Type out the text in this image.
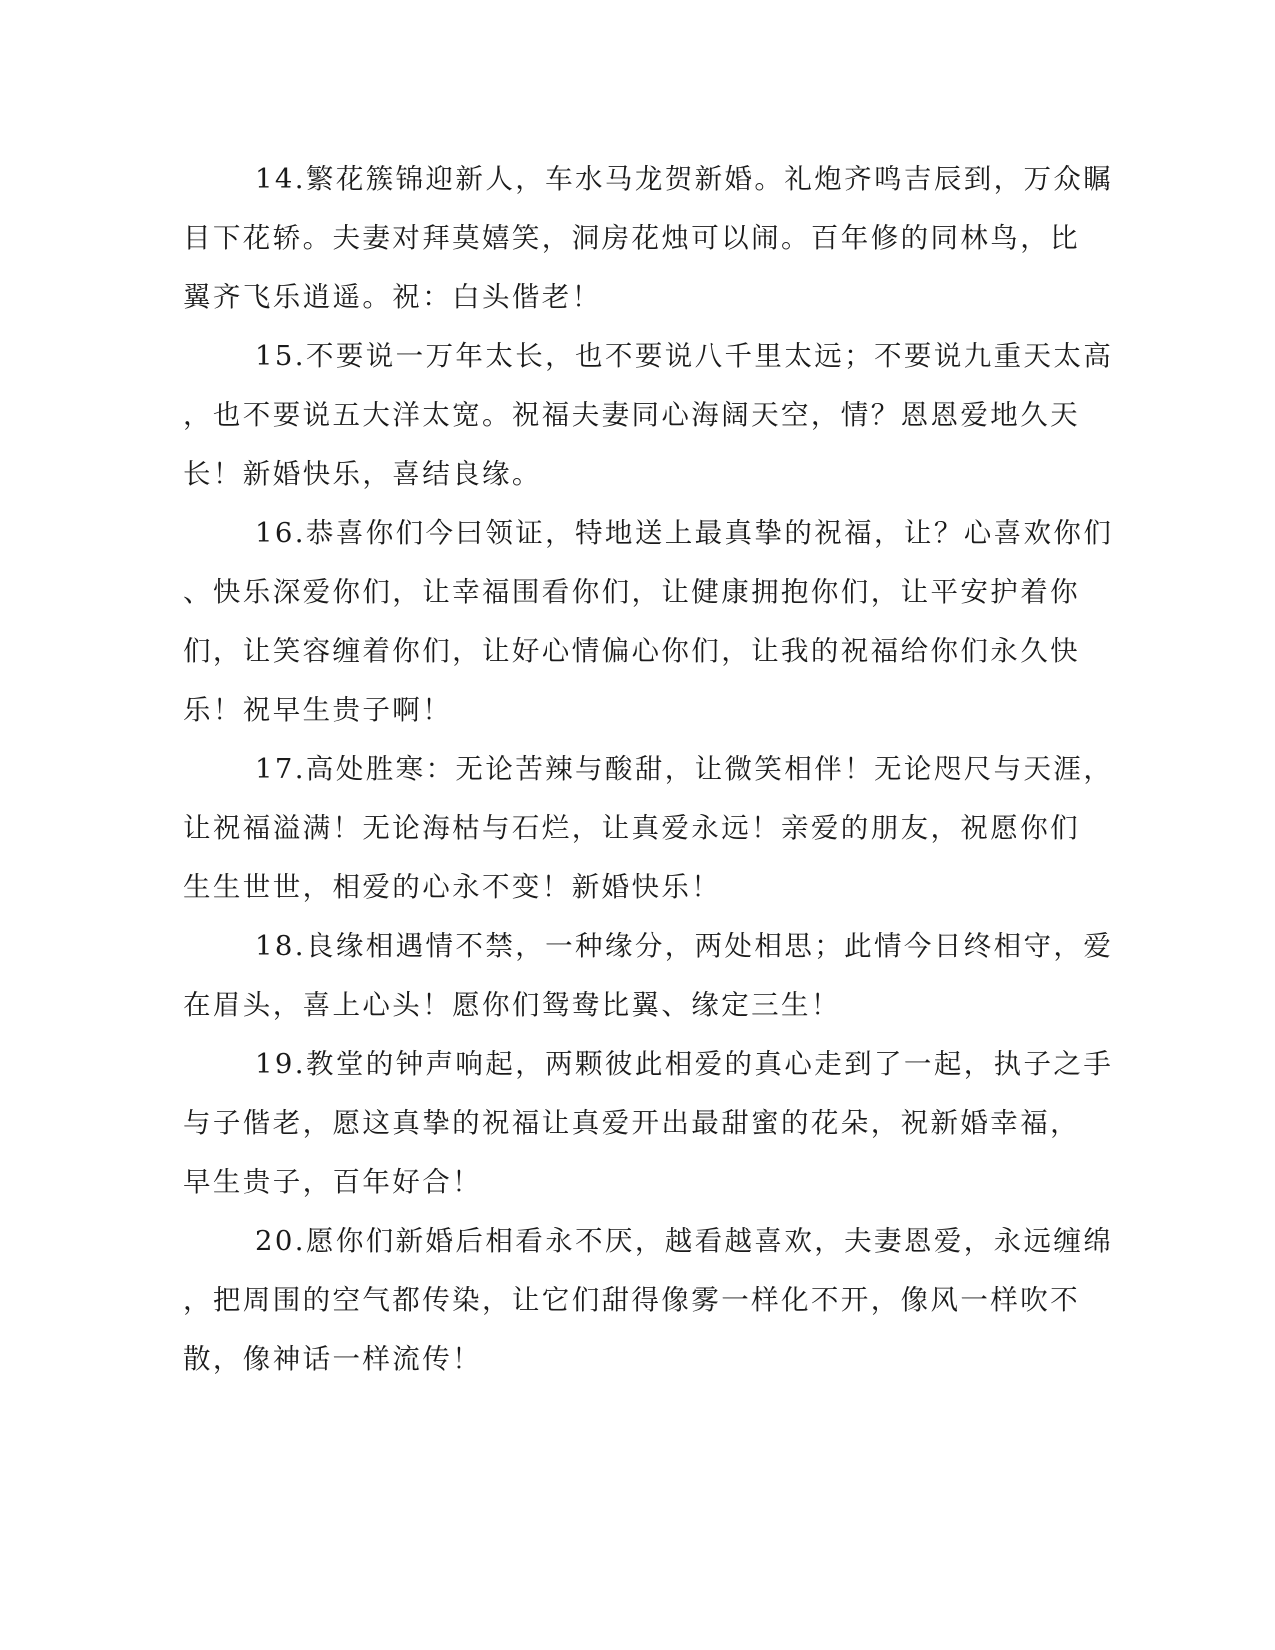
14.繁花簇锦迎新人，车水马龙贺新婚。礼炮齐鸣吉辰到，万众瞩
目下花轿。夫妻对拜莫嬉笑，洞房花烛可以闹。百年修的同林鸟，比
翼齐飞乐逍遥。祝：白头偕老！

15.不要说一万年太长，也不要说八千里太远；不要说九重天太高
，也不要说五大洋太宽。祝福夫妻同心海阔天空，情？恩恩爱地久天
长！新婚快乐，喜结良缘。

16.恭喜你们今曰领证，特地送上最真挚的祝福，让？心喜欢你们
、快乐深爱你们，让幸福围看你们，让健康拥抱你们，让平安护着你
们，让笑容缠着你们，让好心情偏心你们，让我的祝福给你们永久快
乐！祝早生贵子啊！

17.高处胜寒：无论苦辣与酸甜，让微笑相伴！无论咫尺与天涯，
让祝福溢满！无论海枯与石烂，让真爱永远！亲爱的朋友，祝愿你们
生生世世，相爱的心永不变！新婚快乐！

18.良缘相遇情不禁，一种缘分，两处相思；此情今日终相守，爱
在眉头，喜上心头！愿你们鸳鸯比翼、缘定三生！

19.教堂的钟声响起，两颗彼此相爱的真心走到了一起，执子之手
与子偕老，愿这真挚的祝福让真爱开出最甜蜜的花朵，祝新婚幸福，
早生贵子，百年好合！

20.愿你们新婚后相看永不厌，越看越喜欢，夫妻恩爱，永远缠绵
，把周围的空气都传染，让它们甜得像雾一样化不开，像风一样吹不
散，像神话一样流传！
